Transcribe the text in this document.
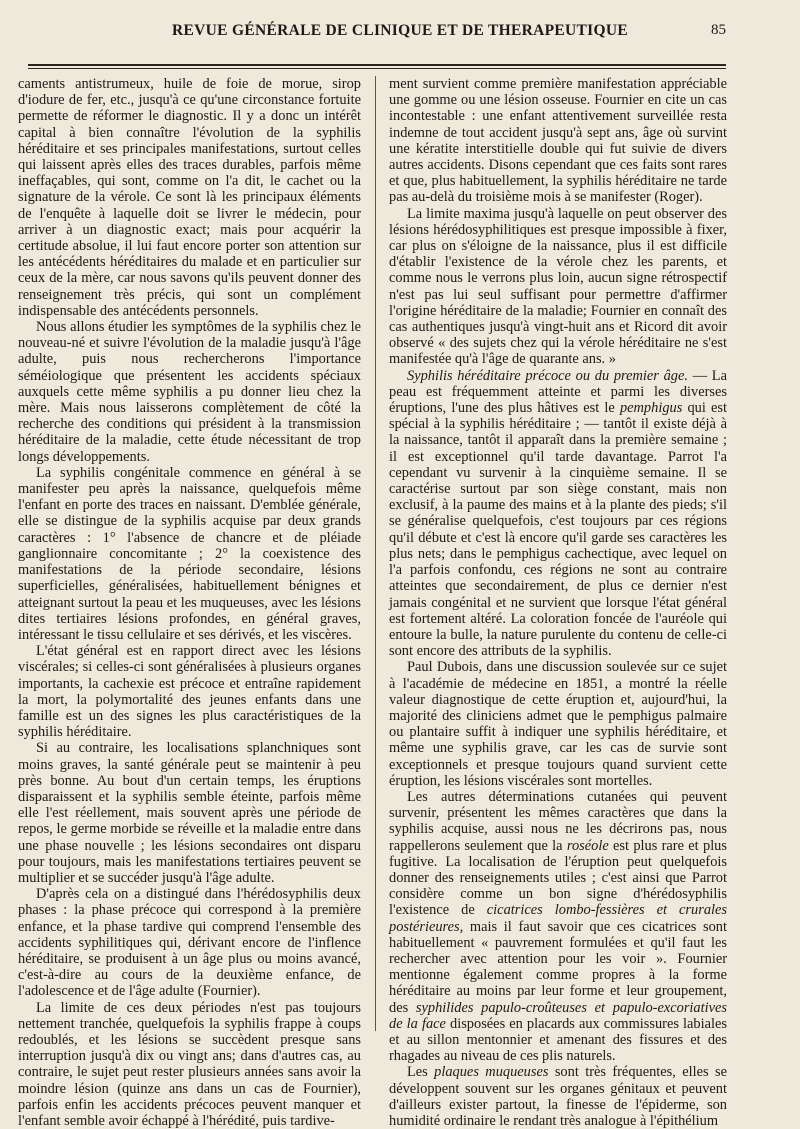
REVUE GÉNÉRALE DE CLINIQUE ET DE THERAPEUTIQUE	85

caments antistrumeux, huile de foie de morue, sirop d'iodure de fer, etc., jusqu'à ce qu'une circonstance fortuite permette de réformer le diagnostic. Il y a donc un intérêt capital à bien connaître l'évolution de la syphilis héréditaire et ses principales manifestations, surtout celles qui laissent après elles des traces durables, parfois même ineffaçables, qui sont, comme on l'a dit, le cachet ou la signature de la vérole. Ce sont là les principaux éléments de l'enquête à laquelle doit se livrer le médecin, pour arriver à un diagnostic exact; mais pour acquérir la certitude absolue, il lui faut encore porter son attention sur les antécédents héréditaires du malade et en particulier sur ceux de la mère, car nous savons qu'ils peuvent donner des renseignement très précis, qui sont un complément indispensable des antécédents personnels.

Nous allons étudier les symptômes de la syphilis chez le nouveau-né et suivre l'évolution de la maladie jusqu'à l'âge adulte, puis nous rechercherons l'importance séméiologique que présentent les accidents spéciaux auxquels cette même syphilis a pu donner lieu chez la mère. Mais nous laisserons complètement de côté la recherche des conditions qui président à la transmission héréditaire de la maladie, cette étude nécessitant de trop longs développements.

La syphilis congénitale commence en général à se manifester peu après la naissance, quelquefois même l'enfant en porte des traces en naissant. D'emblée générale, elle se distingue de la syphilis acquise par deux grands caractères : 1° l'absence de chancre et de pléiade ganglionnaire concomitante ; 2° la coexistence des manifestations de la période secondaire, lésions superficielles, généralisées, habituellement bénignes et atteignant surtout la peau et les muqueuses, avec les lésions dites tertiaires lésions profondes, en général graves, intéressant le tissu cellulaire et ses dérivés, et les viscères.

L'état général est en rapport direct avec les lésions viscérales; si celles-ci sont généralisées à plusieurs organes importants, la cachexie est précoce et entraîne rapidement la mort, la polymortalité des jeunes enfants dans une famille est un des signes les plus caractéristiques de la syphilis héréditaire.

Si au contraire, les localisations splanchniques sont moins graves, la santé générale peut se maintenir à peu près bonne. Au bout d'un certain temps, les éruptions disparaissent et la syphilis semble éteinte, parfois même elle l'est réellement, mais souvent après une période de repos, le germe morbide se réveille et la maladie entre dans une phase nouvelle ; les lésions secondaires ont disparu pour toujours, mais les manifestations tertiaires peuvent se multiplier et se succéder jusqu'à l'âge adulte.

D'après cela on a distingué dans l'hérédosyphilis deux phases : la phase précoce qui correspond à la première enfance, et la phase tardive qui comprend l'ensemble des accidents syphilitiques qui, dérivant encore de l'inflence héréditaire, se produisent à un âge plus ou moins avancé, c'est-à-dire au cours de la deuxième enfance, de l'adolescence et de l'âge adulte (Fournier).

La limite de ces deux périodes n'est pas toujours nettement tranchée, quelquefois la syphilis frappe à coups redoublés, et les lésions se succèdent presque sans interruption jusqu'à dix ou vingt ans; dans d'autres cas, au contraire, le sujet peut rester plusieurs années sans avoir la moindre lésion (quinze ans dans un cas de Fournier), parfois enfin les accidents précoces peuvent manquer et l'enfant semble avoir échappé à l'hérédité, puis tardive-

ment survient comme première manifestation appréciable une gomme ou une lésion osseuse. Fournier en cite un cas incontestable : une enfant attentivement surveillée resta indemne de tout accident jusqu'à sept ans, âge où survint une kératite interstitielle double qui fut suivie de divers autres accidents. Disons cependant que ces faits sont rares et que, plus habituellement, la syphilis héréditaire ne tarde pas au-delà du troisième mois à se manifester (Roger).

La limite maxima jusqu'à laquelle on peut observer des lésions hérédosyphilitiques est presque impossible à fixer, car plus on s'éloigne de la naissance, plus il est difficile d'établir l'existence de la vérole chez les parents, et comme nous le verrons plus loin, aucun signe rétrospectif n'est pas lui seul suffisant pour permettre d'affirmer l'origine héréditaire de la maladie; Fournier en connaît des cas authentiques jusqu'à vingt-huit ans et Ricord dit avoir observé « des sujets chez qui la vérole héréditaire ne s'est manifestée qu'à l'âge de quarante ans. »

Syphilis héréditaire précoce ou du premier âge. — La peau est fréquemment atteinte et parmi les diverses éruptions, l'une des plus hâtives est le pemphigus qui est spécial à la syphilis héréditaire ; — tantôt il existe déjà à la naissance, tantôt il apparaît dans la première semaine ; il est exceptionnel qu'il tarde davantage. Parrot l'a cependant vu survenir à la cinquième semaine. Il se caractérise surtout par son siège constant, mais non exclusif, à la paume des mains et à la plante des pieds; s'il se généralise quelquefois, c'est toujours par ces régions qu'il débute et c'est là encore qu'il garde ses caractères les plus nets; dans le pemphigus cachectique, avec lequel on l'a parfois confondu, ces régions ne sont au contraire atteintes que secondairement, de plus ce dernier n'est jamais congénital et ne survient que lorsque l'état général est fortement altéré. La coloration foncée de l'auréole qui entoure la bulle, la nature purulente du contenu de celle-ci sont encore des attributs de la syphilis.

Paul Dubois, dans une discussion soulevée sur ce sujet à l'académie de médecine en 1851, a montré la réelle valeur diagnostique de cette éruption et, aujourd'hui, la majorité des cliniciens admet que le pemphigus palmaire ou plantaire suffit à indiquer une syphilis héréditaire, et même une syphilis grave, car les cas de survie sont exceptionnels et presque toujours quand survient cette éruption, les lésions viscérales sont mortelles.

Les autres déterminations cutanées qui peuvent survenir, présentent les mêmes caractères que dans la syphilis acquise, aussi nous ne les décrirons pas, nous rappellerons seulement que la roséole est plus rare et plus fugitive. La localisation de l'éruption peut quelquefois donner des renseignements utiles ; c'est ainsi que Parrot considère comme un bon signe d'hérédosyphilis l'existence de cicatrices lombo-fessières et crurales postérieures, mais il faut savoir que ces cicatrices sont habituellement « pauvrement formulées et qu'il faut les rechercher avec attention pour les voir ». Fournier mentionne également comme propres à la forme héréditaire au moins par leur forme et leur groupement, des syphilides papulo-croûteuses et papulo-excoriatives de la face disposées en placards aux commissures labiales et au sillon mentonnier et amenant des fissures et des rhagades au niveau de ces plis naturels.

Les plaques muqueuses sont très fréquentes, elles se développent souvent sur les organes génitaux et peuvent d'ailleurs exister partout, la finesse de l'épiderme, son humidité ordinaire le rendant très analogue à l'épithélium
